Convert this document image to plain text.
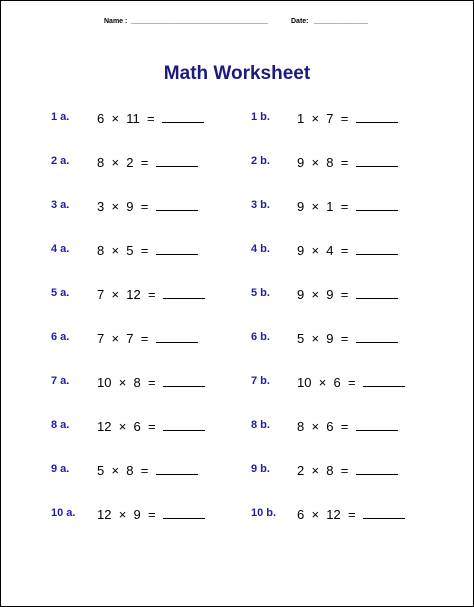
Name : ______________________________________	Date: _______________
Math Worksheet
1 a. 6  ×  11  =
2 a. 8  ×  2  =
3 a. 3  ×  9  =
4 a. 8  ×  5  =
5 a. 7  ×  12  =
6 a. 7  ×  7  =
7 a. 10  ×  8  =
8 a. 12  ×  6  =
9 a. 5  ×  8  =
10 a. 12  ×  9  =
1 b. 1  ×  7  =
2 b. 9  ×  8  =
3 b. 9  ×  1  =
4 b. 9  ×  4  =
5 b. 9  ×  9  =
6 b. 5  ×  9  =
7 b. 10  ×  6  =
8 b. 8  ×  6  =
9 b. 2  ×  8  =
10 b. 6  ×  12  =
